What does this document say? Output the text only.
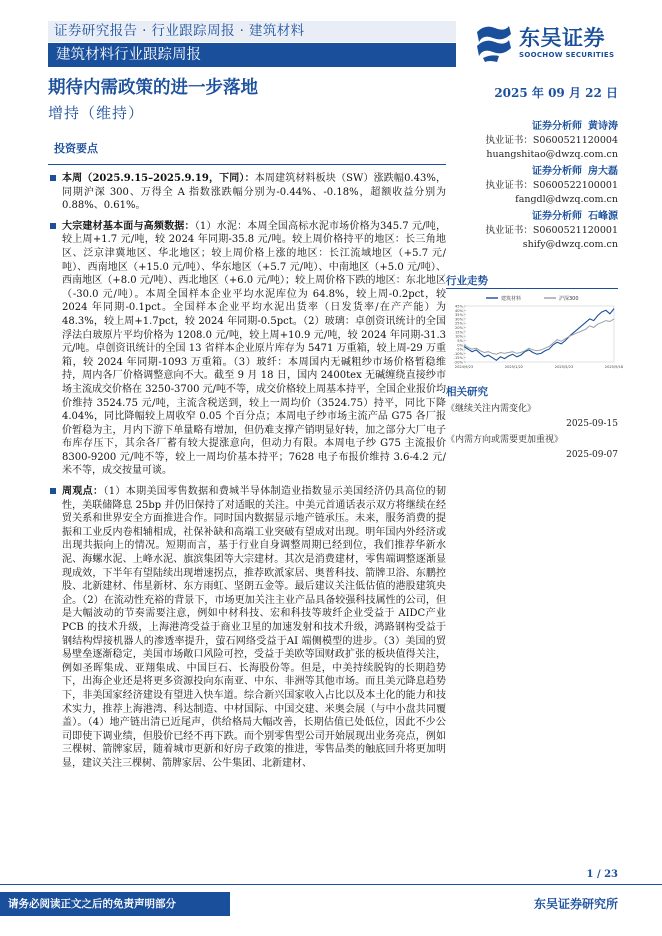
证券研究报告 · 行业跟踪周报 · 建筑材料
建筑材料行业跟踪周报
东吴证券
SOOCHOW SECURITIES
期待内需政策的进一步落地	2025 年 09 月 22 日
增持（维持）
投资要点
本周（2025.9.15–2025.9.19，下同）：本周建筑材料板块（SW）涨跌幅0.43%，同期沪深 300、万得全 A 指数涨跌幅分别为-0.44%、-0.18%，超额收益分别为 0.88%、0.61%。
大宗建材基本面与高频数据：（1）水泥：本周全国高标水泥市场价格为345.7 元/吨，较上周+1.7 元/吨，较 2024 年同期-35.8 元/吨。较上周价格持平的地区：长三角地区、泛京津冀地区、华北地区；较上周价格上涨的地区：长江流域地区（+5.7 元/吨）、西南地区（+15.0 元/吨）、华东地区（+5.7 元/吨）、中南地区（+5.0 元/吨）、西南地区（+8.0 元/吨）、西北地区（+6.0 元/吨）；较上周价格下跌的地区：东北地区（-30.0 元/吨）。本周全国样本企业平均水泥库位为 64.8%，较上周-0.2pct，较 2024 年同期-0.1pct。全国样本企业平均水泥出货率（日发货率/在产产能）为48.3%，较上周+1.7pct，较 2024 年同期-0.5pct。（2）玻璃：卓创资讯统计的全国浮法白玻原片平均价格为 1208.0 元/吨，较上周+10.9 元/吨，较 2024 年同期-31.3 元/吨。卓创资讯统计的全国 13 省样本企业原片库存为 5471 万重箱，较上周-29 万重箱，较 2024 年同期-1093 万重箱。（3）玻纤：本周国内无碱粗纱市场价格暂稳维持，周内各厂价格调整意向不大。截至 9 月 18 日，国内 2400tex 无碱缠绕直接纱市场主流成交价格在 3250-3700 元/吨不等，成交价格较上周基本持平，全国企业报价均价维持 3524.75 元/吨，主流含税送到，较上一周均价（3524.75）持平，同比下降 4.04%，同比降幅较上周收窄 0.05 个百分点；本周电子纱市场主流产品 G75 各厂报价暂稳为主，月内下游下单量略有增加，但仍难支撑产销明显好转，加之部分大厂电子布库存压下，其余各厂蓄有较大提涨意向，但动力有限。本周电子纱 G75 主流报价 8300-9200 元/吨不等，较上一周均价基本持平；7628 电子布报价维持 3.6-4.2 元/米不等，成交按量可谈。
周观点：（1）本期美国零售数据和费城半导体制造业指数显示美国经济仍具高位的韧性，美联储降息 25bp 并仍旧保持了对适眠的关注。中美元首通话表示双方将继续在经贸关系和世界安全方面推进合作。同时国内数据显示地产链承压。未来，服务消费的提振和工业反内卷相辅相成，社保补缺和高端工业突破有望成对出现。明年国内外经济或出现共振向上的情况。短期而言，基于行业自身调整周期已经到位，我们推荐华新水泥、海螺水泥、上峰水泥、旗滨集团等大宗建材。其次是消费建材，零售端调整逐渐显现成效，下半年有望陆续出现增速拐点，推荐欧派家居、奥普科技、箭牌卫浴、东鹏控股、北新建材、伟星新材、东方雨虹、坚朗五金等。最后建议关注低估值的港股建筑央企。（2）在流动性充裕的背景下，市场更加关注主业产品具备较强科技属性的公司，但是大幅波动的节奏需要注意，例如中材科技、宏和科技等玻纤企业受益于 AIDC产业 PCB 的技术升级，上海港湾受益于商业卫星的加速发射和技术升级，鸿路钢构受益于钢结构焊接机器人的渗透率提升，萤石网络受益于AI 端侧模型的进步。（3）美国的贸易壁垒逐渐稳定，美国市场敞口风险可控，受益于美欧等国财政扩张的板块值得关注，例如圣晖集成、亚翔集成、中国巨石、长海股份等。但是，中美持续脱钩的长期趋势下，出海企业还是将更多资源投向东南亚、中东、非洲等其他市场。而且美元降息趋势下，非美国家经济建设有望进入快车道。综合新兴国家收入占比以及本土化的能力和技术实力，推荐上海港湾、科达制造、中材国际、中国交建、米奥会展（与中小盘共同覆盖）。（4）地产链出清已近尾声，供给格局大幅改善，长期估值已处低位，因此不少公司即使下调业绩，但股价已经不再下跌。而个别零售型公司开始展现出业务亮点，例如三棵树、箭牌家居，随着城市更新和好房子政策的推进，零售品类的触底回升将更加明显，建议关注三棵树、箭牌家居、公牛集团、北新建材、
证券分析师 黄诗涛
执业证书：S0600521120004
huangshitao@dwzq.com.cn
证券分析师 房大磊
执业证书：S0600522100001
fangdl@dwzq.com.cn
证券分析师 石峰源
执业证书：S0600521120001
shify@dwzq.com.cn
行业走势
45%
40%
35%
30%
25%
20%
15%
10%
5%
0%
-5%
-10%
-15%
-20%
2024/9/23	2025/1/22	2025/5/23	2025/9/18
建筑材料	沪深300
相关研究
《继续关注内需变化》
2025-09-15
《内需方向或需要更加重视》
2025-09-07
1 / 23
请务必阅读正文之后的免责声明部分	东吴证券研究所
